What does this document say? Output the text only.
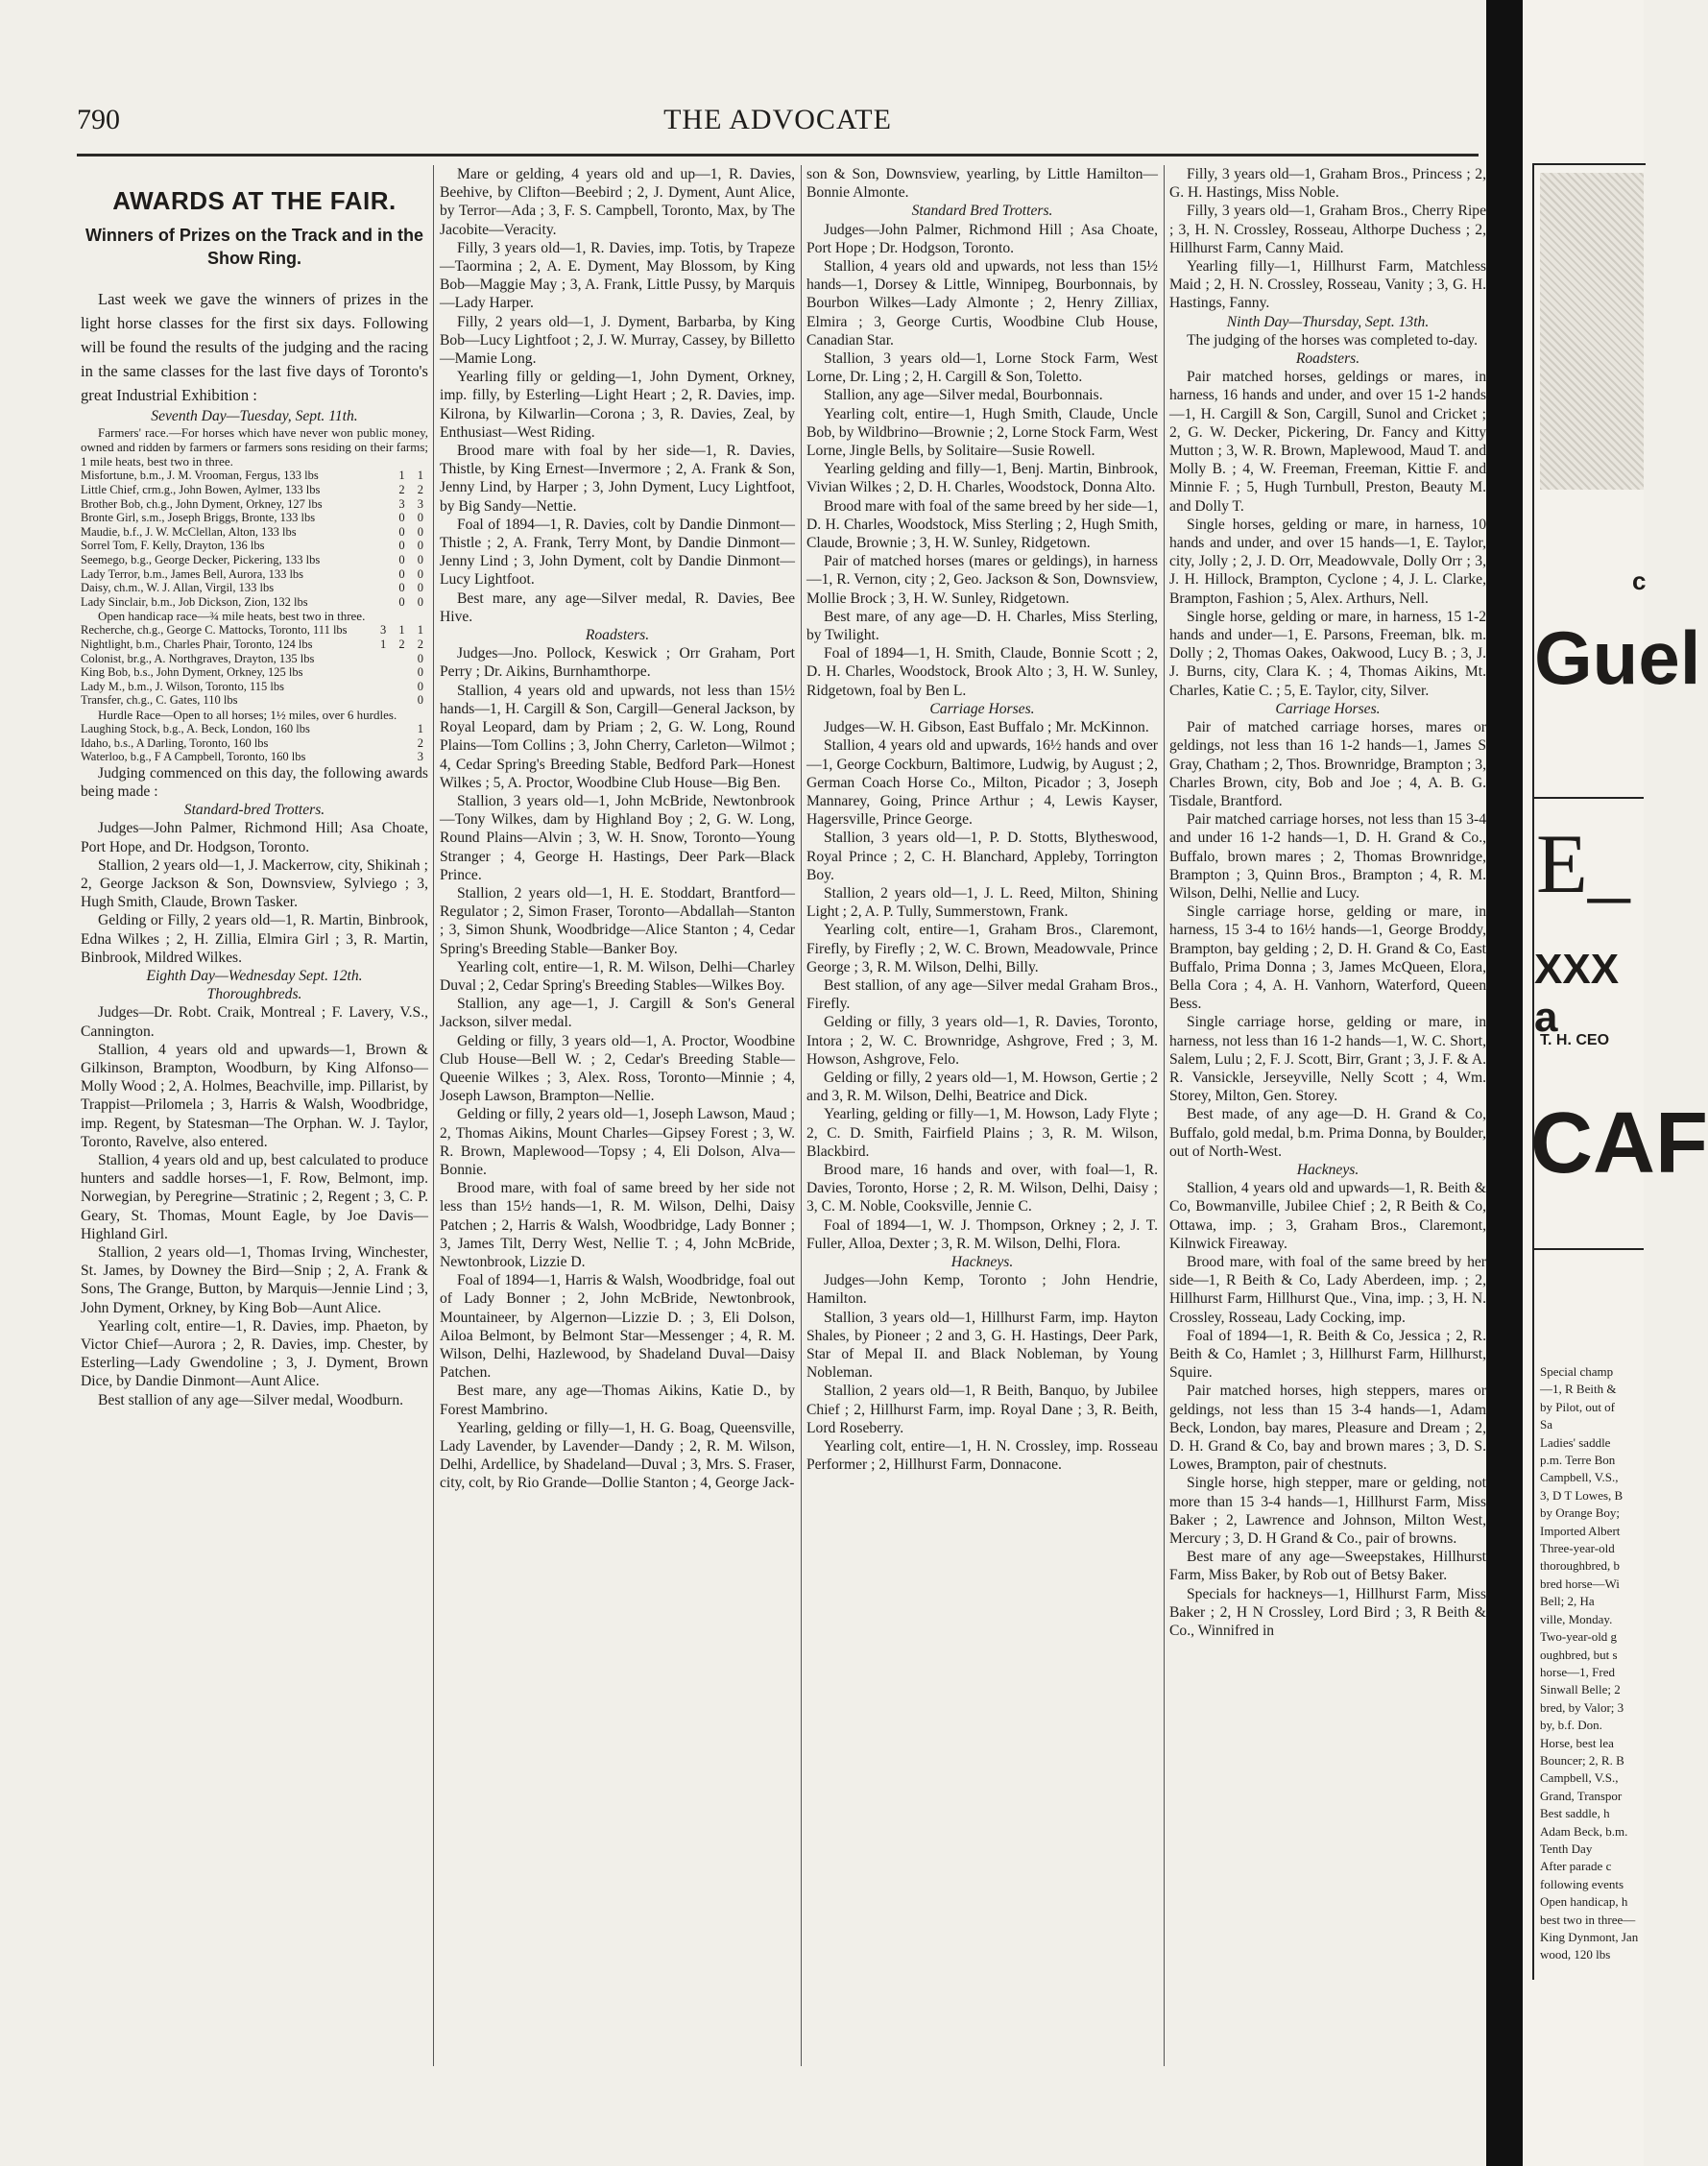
790	THE ADVOCATE
AWARDS AT THE FAIR.
Winners of Prizes on the Track and in the Show Ring.

Last week we gave the winners of prizes in the light horse classes for the first six days. Following will be found the results of the judging and the racing in the same classes for the last five days of Toronto's great Industrial Exhibition :

Seventh Day—Tuesday, Sept. 11th.

Farmers' race.—For horses which have never won public money, owned and ridden by farmers or farmers sons residing on their farms; 1 mile heats, best two in three.

Misfortune, b.m., J. M. Vrooman, Fergus, 133 lbs	1 1
Little Chief, crm.g., John Bowen, Aylmer, 133 lbs	2 2
Brother Bob, ch.g., John Dyment, Orkney, 127 lbs	3 3
Bronte Girl, s.m., Joseph Briggs, Bronte, 133 lbs	0 0
Maudie, b.f., J. W. McClellan, Alton, 133 lbs	0 0
Sorrel Tom, F. Kelly, Drayton, 136 lbs	0 0
Seemego, b.g., George Decker, Pickering, 133 lbs	0 0
Lady Terror, b.m., James Bell, Aurora, 133 lbs	0 0
Daisy, ch.m., W. J. Allan, Virgil, 133 lbs	0 0
Lady Sinclair, b.m., Job Dickson, Zion, 132 lbs	0 0

Open handicap race—¾ mile heats, best two in three.

Recherche, ch.g., George C. Mattocks, Toronto, 111 lbs	3 1 1
Nightlight, b.m., Charles Phair, Toronto, 124 lbs	1 2 2
Colonist, br.g., A. Northgraves, Drayton, 135 lbs	0
King Bob, b.s., John Dyment, Orkney, 125 lbs	0
Lady M., b.m., J. Wilson, Toronto, 115 lbs	0
Transfer, ch.g., C. Gates, 110 lbs	0

Hurdle Race—Open to all horses; 1½ miles, over 6 hurdles.

Laughing Stock, b.g., A. Beck, London, 160 lbs	1
Idaho, b.s., A Darling, Toronto, 160 lbs	2
Waterloo, b.g., F A Campbell, Toronto, 160 lbs	3

Judging commenced on this day, the following awards being made :

Standard-bred Trotters.

Judges—John Palmer, Richmond Hill; Asa Choate, Port Hope, and Dr. Hodgson, Toronto.

Stallion, 2 years old—1, J. Mackerrow, city, Shikinah ; 2, George Jackson & Son, Downsview, Sylviego ; 3, Hugh Smith, Claude, Brown Tasker.

Gelding or Filly, 2 years old—1, R. Martin, Binbrook, Edna Wilkes ; 2, H. Zillia, Elmira Girl ; 3, R. Martin, Binbrook, Mildred Wilkes.

Eighth Day—Wednesday Sept. 12th.

Thoroughbreds.

Judges—Dr. Robt. Craik, Montreal ; F. Lavery, V.S., Cannington.

Stallion, 4 years old and upwards—1, Brown & Gilkinson, Brampton, Woodburn, by King Alfonso—Molly Wood ; 2, A. Holmes, Beachville, imp. Pillarist, by Trappist—Prilomela ; 3, Harris & Walsh, Woodbridge, imp. Regent, by Statesman—The Orphan. W. J. Taylor, Toronto, Ravelve, also entered.

Stallion, 4 years old and up, best calculated to produce hunters and saddle horses—1, F. Row, Belmont, imp. Norwegian, by Peregrine—Stratinic ; 2, Regent ; 3, C. P. Geary, St. Thomas, Mount Eagle, by Joe Davis—Highland Girl.

Stallion, 2 years old—1, Thomas Irving, Winchester, St. James, by Downey the Bird—Snip ; 2, A. Frank & Sons, The Grange, Button, by Marquis—Jennie Lind ; 3, John Dyment, Orkney, by King Bob—Aunt Alice.

Yearling colt, entire—1, R. Davies, imp. Phaeton, by Victor Chief—Aurora ; 2, R. Davies, imp. Chester, by Esterling—Lady Gwendoline ; 3, J. Dyment, Brown Dice, by Dandie Dinmont—Aunt Alice.

Best stallion of any age—Silver medal, Woodburn.

Mare or gelding, 4 years old and up—1, R. Davies, Beehive, by Clifton—Beebird ; 2, J. Dyment, Aunt Alice, by Terror—Ada ; 3, F. S. Campbell, Toronto, Max, by The Jacobite—Veracity.

Filly, 3 years old—1, R. Davies, imp. Totis, by Trapeze—Taormina ; 2, A. E. Dyment, May Blossom, by King Bob—Maggie May ; 3, A. Frank, Little Pussy, by Marquis—Lady Harper.

Filly, 2 years old—1, J. Dyment, Barbarba, by King Bob—Lucy Lightfoot ; 2, J. W. Murray, Cassey, by Billetto—Mamie Long.

Yearling filly or gelding—1, John Dyment, Orkney, imp. filly, by Esterling—Light Heart ; 2, R. Davies, imp. Kilrona, by Kilwarlin—Corona ; 3, R. Davies, Zeal, by Enthusiast—West Riding.

Brood mare with foal by her side—1, R. Davies, Thistle, by King Ernest—Invermore ; 2, A. Frank & Son, Jenny Lind, by Harper ; 3, John Dyment, Lucy Lightfoot, by Big Sandy—Nettie.

Foal of 1894—1, R. Davies, colt by Dandie Dinmont—Thistle ; 2, A. Frank, Terry Mont, by Dandie Dinmont—Jenny Lind ; 3, John Dyment, colt by Dandie Dinmont—Lucy Lightfoot.

Best mare, any age—Silver medal, R. Davies, Bee Hive.

Roadsters.

Judges—Jno. Pollock, Keswick ; Orr Graham, Port Perry ; Dr. Aikins, Burnhamthorpe.

Stallion, 4 years old and upwards, not less than 15½ hands—1, H. Cargill & Son, Cargill—General Jackson, by Royal Leopard, dam by Priam ; 2, G. W. Long, Round Plains—Tom Collins ; 3, John Cherry, Carleton—Wilmot ; 4, Cedar Spring's Breeding Stable, Bedford Park—Honest Wilkes ; 5, A. Proctor, Woodbine Club House—Big Ben.

Stallion, 3 years old—1, John McBride, Newtonbrook—Tony Wilkes, dam by Highland Boy ; 2, G. W. Long, Round Plains—Alvin ; 3, W. H. Snow, Toronto—Young Stranger ; 4, George H. Hastings, Deer Park—Black Prince.

Stallion, 2 years old—1, H. E. Stoddart, Brantford—Regulator ; 2, Simon Fraser, Toronto—Abdallah—Stanton ; 3, Simon Shunk, Woodbridge—Alice Stanton ; 4, Cedar Spring's Breeding Stable—Banker Boy.

Yearling colt, entire—1, R. M. Wilson, Delhi—Charley Duval ; 2, Cedar Spring's Breeding Stables—Wilkes Boy.

Stallion, any age—1, J. Cargill & Son's General Jackson, silver medal.

Gelding or filly, 3 years old—1, A. Proctor, Woodbine Club House—Bell W. ; 2, Cedar's Breeding Stable—Queenie Wilkes ; 3, Alex. Ross, Toronto—Minnie ; 4, Joseph Lawson, Brampton—Nellie.

Gelding or filly, 2 years old—1, Joseph Lawson, Maud ; 2, Thomas Aikins, Mount Charles—Gipsey Forest ; 3, W. R. Brown, Maplewood—Topsy ; 4, Eli Dolson, Alva—Bonnie.

Brood mare, with foal of same breed by her side not less than 15½ hands—1, R. M. Wilson, Delhi, Daisy Patchen ; 2, Harris & Walsh, Woodbridge, Lady Bonner ; 3, James Tilt, Derry West, Nellie T. ; 4, John McBride, Newtonbrook, Lizzie D.

Foal of 1894—1, Harris & Walsh, Woodbridge, foal out of Lady Bonner ; 2, John McBride, Newtonbrook, Mountaineer, by Algernon—Lizzie D. ; 3, Eli Dolson, Ailoa Belmont, by Belmont Star—Messenger ; 4, R. M. Wilson, Delhi, Hazlewood, by Shadeland Duval—Daisy Patchen.

Best mare, any age—Thomas Aikins, Katie D., by Forest Mambrino.

Yearling, gelding or filly—1, H. G. Boag, Queensville, Lady Lavender, by Lavender—Dandy ; 2, R. M. Wilson, Delhi, Ardellice, by Shadeland—Duval ; 3, Mrs. S. Fraser, city, colt, by Rio Grande—Dollie Stanton ; 4, George Jack-

son & Son, Downsview, yearling, by Little Hamilton—Bonnie Almonte.

Standard Bred Trotters.

Judges—John Palmer, Richmond Hill ; Asa Choate, Port Hope ; Dr. Hodgson, Toronto.

Stallion, 4 years old and upwards, not less than 15½ hands—1, Dorsey & Little, Winnipeg, Bourbonnais, by Bourbon Wilkes—Lady Almonte ; 2, Henry Zilliax, Elmira ; 3, George Curtis, Woodbine Club House, Canadian Star.

Stallion, 3 years old—1, Lorne Stock Farm, West Lorne, Dr. Ling ; 2, H. Cargill & Son, Toletto.

Stallion, any age—Silver medal, Bourbonnais.

Yearling colt, entire—1, Hugh Smith, Claude, Uncle Bob, by Wildbrino—Brownie ; 2, Lorne Stock Farm, West Lorne, Jingle Bells, by Solitaire—Susie Rowell.

Yearling gelding and filly—1, Benj. Martin, Binbrook, Vivian Wilkes ; 2, D. H. Charles, Woodstock, Donna Alto.

Brood mare with foal of the same breed by her side—1, D. H. Charles, Woodstock, Miss Sterling ; 2, Hugh Smith, Claude, Brownie ; 3, H. W. Sunley, Ridgetown.

Pair of matched horses (mares or geldings), in harness—1, R. Vernon, city ; 2, Geo. Jackson & Son, Downsview, Mollie Brock ; 3, H. W. Sunley, Ridgetown.

Best mare, of any age—D. H. Charles, Miss Sterling, by Twilight.

Foal of 1894—1, H. Smith, Claude, Bonnie Scott ; 2, D. H. Charles, Woodstock, Brook Alto ; 3, H. W. Sunley, Ridgetown, foal by Ben L.

Carriage Horses.

Judges—W. H. Gibson, East Buffalo ; Mr. McKinnon.

Stallion, 4 years old and upwards, 16½ hands and over—1, George Cockburn, Baltimore, Ludwig, by August ; 2, German Coach Horse Co., Milton, Picador ; 3, Joseph Mannarey, Going, Prince Arthur ; 4, Lewis Kayser, Hagersville, Prince George.

Stallion, 3 years old—1, P. D. Stotts, Blytheswood, Royal Prince ; 2, C. H. Blanchard, Appleby, Torrington Boy.

Stallion, 2 years old—1, J. L. Reed, Milton, Shining Light ; 2, A. P. Tully, Summerstown, Frank.

Yearling colt, entire—1, Graham Bros., Claremont, Firefly, by Firefly ; 2, W. C. Brown, Meadowvale, Prince George ; 3, R. M. Wilson, Delhi, Billy.

Best stallion, of any age—Silver medal Graham Bros., Firefly.

Gelding or filly, 3 years old—1, R. Davies, Toronto, Intora ; 2, W. C. Brownridge, Ashgrove, Fred ; 3, M. Howson, Ashgrove, Felo.

Gelding or filly, 2 years old—1, M. Howson, Gertie ; 2 and 3, R. M. Wilson, Delhi, Beatrice and Dick.

Yearling, gelding or filly—1, M. Howson, Lady Flyte ; 2, C. D. Smith, Fairfield Plains ; 3, R. M. Wilson, Blackbird.

Brood mare, 16 hands and over, with foal—1, R. Davies, Toronto, Horse ; 2, R. M. Wilson, Delhi, Daisy ; 3, C. M. Noble, Cooksville, Jennie C.

Foal of 1894—1, W. J. Thompson, Orkney ; 2, J. T. Fuller, Alloa, Dexter ; 3, R. M. Wilson, Delhi, Flora.

Hackneys.

Judges—John Kemp, Toronto ; John Hendrie, Hamilton.

Stallion, 3 years old—1, Hillhurst Farm, imp. Hayton Shales, by Pioneer ; 2 and 3, G. H. Hastings, Deer Park, Star of Mepal II. and Black Nobleman, by Young Nobleman.

Stallion, 2 years old—1, R Beith, Banquo, by Jubilee Chief ; 2, Hillhurst Farm, imp. Royal Dane ; 3, R. Beith, Lord Roseberry.

Yearling colt, entire—1, H. N. Crossley, imp. Rosseau Performer ; 2, Hillhurst Farm, Donnacone.

Filly, 3 years old—1, Graham Bros., Princess ; 2, G. H. Hastings, Miss Noble.

Filly, 3 years old—1, Graham Bros., Cherry Ripe ; 3, H. N. Crossley, Rosseau, Althorpe Duchess ; 2, Hillhurst Farm, Canny Maid.

Yearling filly—1, Hillhurst Farm, Matchless Maid ; 2, H. N. Crossley, Rosseau, Vanity ; 3, G. H. Hastings, Fanny.

Ninth Day—Thursday, Sept. 13th.

The judging of the horses was completed to-day.

Roadsters.

Pair matched horses, geldings or mares, in harness, 16 hands and under, and over 15 1-2 hands—1, H. Cargill & Son, Cargill, Sunol and Cricket ; 2, G. W. Decker, Pickering, Dr. Fancy and Kitty Mutton ; 3, W. R. Brown, Maplewood, Maud T. and Molly B. ; 4, W. Freeman, Freeman, Kittie F. and Minnie F. ; 5, Hugh Turnbull, Preston, Beauty M. and Dolly T.

Single horses, gelding or mare, in harness, 10 hands and under, and over 15 hands—1, E. Taylor, city, Jolly ; 2, J. D. Orr, Meadowvale, Dolly Orr ; 3, J. H. Hillock, Brampton, Cyclone ; 4, J. L. Clarke, Brampton, Fashion ; 5, Alex. Arthurs, Nell.

Single horse, gelding or mare, in harness, 15 1-2 hands and under—1, E. Parsons, Freeman, blk. m. Dolly ; 2, Thomas Oakes, Oakwood, Lucy B. ; 3, J. J. Burns, city, Clara K. ; 4, Thomas Aikins, Mt. Charles, Katie C. ; 5, E. Taylor, city, Silver.

Carriage Horses.

Pair of matched carriage horses, mares or geldings, not less than 16 1-2 hands—1, James S Gray, Chatham ; 2, Thos. Brownridge, Brampton ; 3, Charles Brown, city, Bob and Joe ; 4, A. B. G. Tisdale, Brantford.

Pair matched carriage horses, not less than 15 3-4 and under 16 1-2 hands—1, D. H. Grand & Co., Buffalo, brown mares ; 2, Thomas Brownridge, Brampton ; 3, Quinn Bros., Brampton ; 4, R. M. Wilson, Delhi, Nellie and Lucy.

Single carriage horse, gelding or mare, in harness, 15 3-4 to 16½ hands—1, George Broddy, Brampton, bay gelding ; 2, D. H. Grand & Co, East Buffalo, Prima Donna ; 3, James McQueen, Elora, Bella Cora ; 4, A. H. Vanhorn, Waterford, Queen Bess.

Single carriage horse, gelding or mare, in harness, not less than 16 1-2 hands—1, W. C. Short, Salem, Lulu ; 2, F. J. Scott, Birr, Grant ; 3, J. F. & A. R. Vansickle, Jerseyville, Nelly Scott ; 4, Wm. Storey, Milton, Gen. Storey.

Best made, of any age—D. H. Grand & Co, Buffalo, gold medal, b.m. Prima Donna, by Boulder, out of North-West.

Hackneys.

Stallion, 4 years old and upwards—1, R. Beith & Co, Bowmanville, Jubilee Chief ; 2, R Beith & Co, Ottawa, imp. ; 3, Graham Bros., Claremont, Kilnwick Fireaway.

Brood mare, with foal of the same breed by her side—1, R Beith & Co, Lady Aberdeen, imp. ; 2, Hillhurst Farm, Hillhurst Que., Vina, imp. ; 3, H. N. Crossley, Rosseau, Lady Cocking, imp.

Foal of 1894—1, R. Beith & Co, Jessica ; 2, R. Beith & Co, Hamlet ; 3, Hillhurst Farm, Hillhurst, Squire.

Pair matched horses, high steppers, mares or geldings, not less than 15 3-4 hands—1, Adam Beck, London, bay mares, Pleasure and Dream ; 2, D. H. Grand & Co, bay and brown mares ; 3, D. S. Lowes, Brampton, pair of chestnuts.

Single horse, high stepper, mare or gelding, not more than 15 3-4 hands—1, Hillhurst Farm, Miss Baker ; 2, Lawrence and Johnson, Milton West, Mercury ; 3, D. H Grand & Co., pair of browns.

Best mare of any age—Sweepstakes, Hillhurst Farm, Miss Baker, by Rob out of Betsy Baker.

Specials for hackneys—1, Hillhurst Farm, Miss Baker ; 2, H N Crossley, Lord Bird ; 3, R Beith & Co., Winnifred in

c
Guel
E_
XXX a
T. H. CEO
CAF
Special champ
—1, R Beith &
by Pilot, out of
Sa
Ladies' saddle
p.m. Terre Bon
Campbell, V.S.,
3, D T Lowes, B
by Orange Boy;
Imported Albert
Three-year-old
thoroughbred, b
bred horse—Wi
Bell; 2, Ha
ville, Monday.
Two-year-old g
oughbred, but s
horse—1, Fred
Sinwall Belle; 2
bred, by Valor; 3
by, b.f. Don.
Horse, best lea
Bouncer; 2, R. B
Campbell, V.S.,
Grand, Transpor
Best saddle, h
Adam Beck, b.m.
Tenth Day
After parade c
following events
Open handicap, h
best two in three—
King Dynmont, Jan
wood, 120 lbs
